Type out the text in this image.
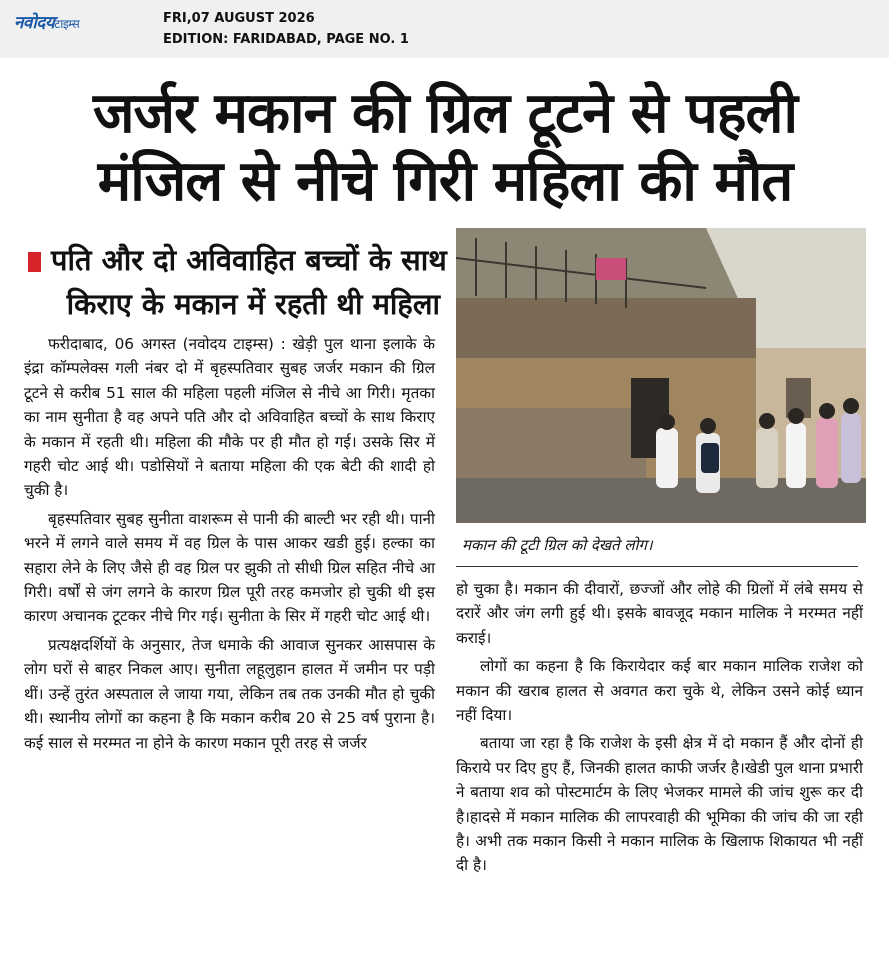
नवोदयटाइम्स	FRI,07 AUGUST 2026
EDITION: FARIDABAD, PAGE NO. 1
जर्जर मकान की ग्रिल टूटने से पहली
मंजिल से नीचे गिरी महिला की मौत
पति और दो अविवाहित बच्चों के साथ
किराए के मकान में रहती थी महिला
मकान की टूटी ग्रिल को देखते लोग।

फरीदाबाद, 06 अगस्त (नवोदय टाइम्स) : खेड़ी पुल थाना इलाके के इंद्रा कॉम्पलेक्स गली नंबर दो में बृहस्पतिवार सुबह जर्जर मकान की ग्रिल टूटने से करीब 51 साल की महिला पहली मंजिल से नीचे आ गिरी। मृतका का नाम सुनीता है वह अपने पति और दो अविवाहित बच्चों के साथ किराए के मकान में रहती थी। महिला की मौके पर ही मौत हो गई। उसके सिर में गहरी चोट आई थी। पडोसियों ने बताया महिला की एक बेटी की शादी हो चुकी है।

बृहस्पतिवार सुबह सुनीता वाशरूम से पानी की बाल्टी भर रही थी। पानी भरने में लगने वाले समय में वह ग्रिल के पास आकर खडी हुई। हल्का का सहारा लेने के लिए जैसे ही वह ग्रिल पर झुकी तो सीधी ग्रिल सहित नीचे आ गिरी। वर्षों से जंग लगने के कारण ग्रिल पूरी तरह कमजोर हो चुकी थी इस कारण अचानक टूटकर नीचे गिर गई। सुनीता के सिर में गहरी चोट आई थी।

प्रत्यक्षदर्शियों के अनुसार, तेज धमाके की आवाज सुनकर आसपास के लोग घरों से बाहर निकल आए। सुनीता लहूलुहान हालत में जमीन पर पड़ी थीं। उन्हें तुरंत अस्पताल ले जाया गया, लेकिन तब तक उनकी मौत हो चुकी थी। स्थानीय लोगों का कहना है कि मकान करीब 20 से 25 वर्ष पुराना है। कई साल से मरम्मत ना होने के कारण मकान पूरी तरह से जर्जर

हो चुका है। मकान की दीवारों, छज्जों और लोहे की ग्रिलों में लंबे समय से दरारें और जंग लगी हुई थी। इसके बावजूद मकान मालिक ने मरम्मत नहीं कराई।

लोगों का कहना है कि किरायेदार कई बार मकान मालिक राजेश को मकान की खराब हालत से अवगत करा चुके थे, लेकिन उसने कोई ध्यान नहीं दिया।

बताया जा रहा है कि राजेश के इसी क्षेत्र में दो मकान हैं और दोनों ही किराये पर दिए हुए हैं, जिनकी हालत काफी जर्जर है।खेडी पुल थाना प्रभारी ने बताया शव को पोस्टमार्टम के लिए भेजकर मामले की जांच शुरू कर दी है।हादसे में मकान मालिक की लापरवाही की भूमिका की जांच की जा रही है। अभी तक मकान किसी ने मकान मालिक के खिलाफ शिकायत भी नहीं दी है।
